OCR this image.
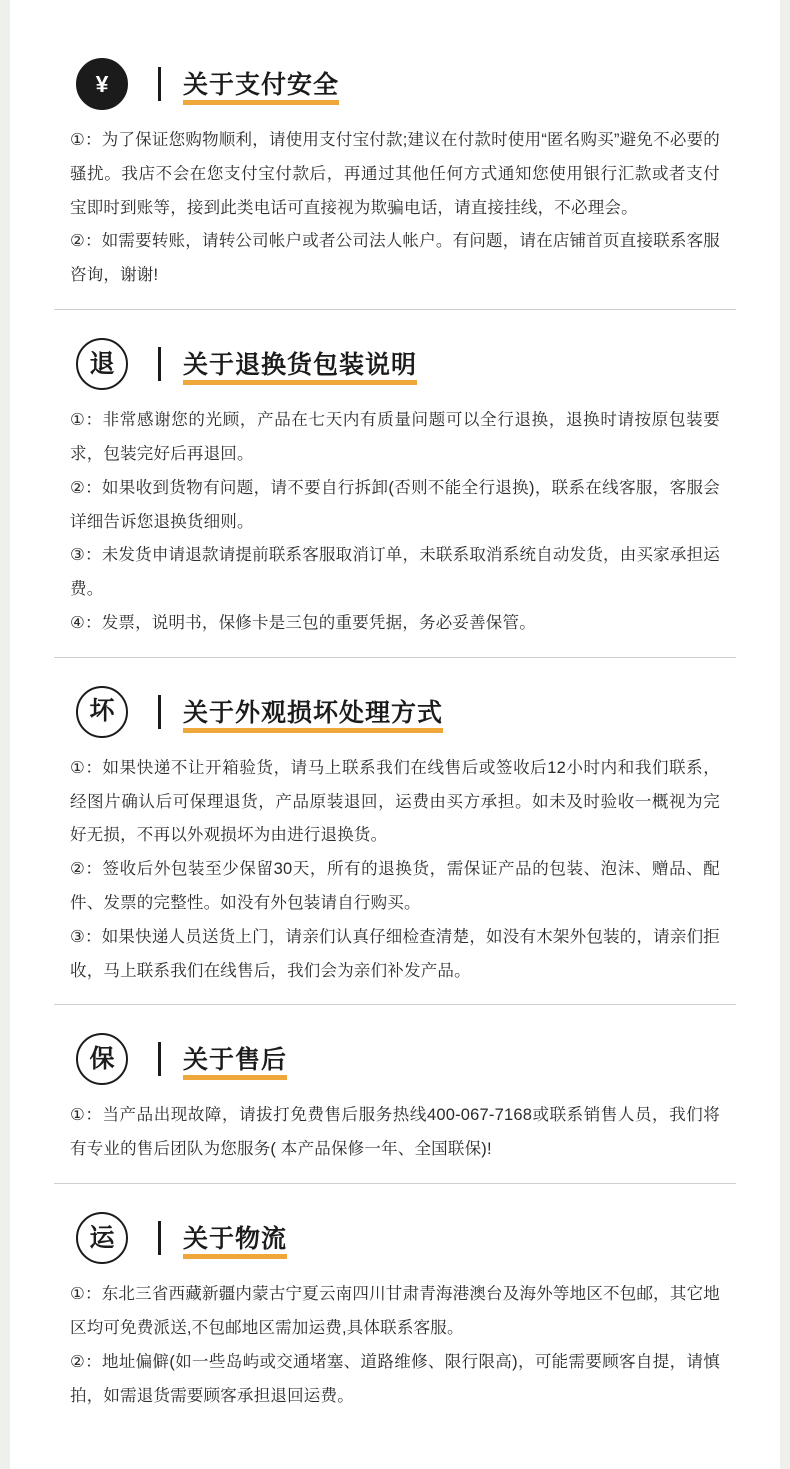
¥	关于支付安全
①：为了保证您购物顺利，请使用支付宝付款;建议在付款时使用“匿名购买”避免不必要的骚扰。我店不会在您支付宝付款后，再通过其他任何方式通知您使用银行汇款或者支付宝即时到账等，接到此类电话可直接视为欺骗电话，请直接挂线，不必理会。
②：如需要转账，请转公司帐户或者公司法人帐户。有问题，请在店铺首页直接联系客服咨询，谢谢!
退	关于退换货包装说明
①：非常感谢您的光顾，产品在七天内有质量问题可以全行退换，退换时请按原包装要求，包装完好后再退回。
②：如果收到货物有问题，请不要自行拆卸(否则不能全行退换)，联系在线客服，客服会详细告诉您退换货细则。
③：未发货申请退款请提前联系客服取消订单，未联系取消系统自动发货，由买家承担运费。
④：发票，说明书，保修卡是三包的重要凭据，务必妥善保管。
坏	关于外观损坏处理方式
①：如果快递不让开箱验货，请马上联系我们在线售后或签收后12小时内和我们联系，经图片确认后可保理退货，产品原装退回，运费由买方承担。如未及时验收一概视为完好无损，不再以外观损坏为由进行退换货。
②：签收后外包装至少保留30天，所有的退换货，需保证产品的包装、泡沫、赠品、配件、发票的完整性。如没有外包装请自行购买。
③：如果快递人员送货上门，请亲们认真仔细检查清楚，如没有木架外包装的，请亲们拒收，马上联系我们在线售后，我们会为亲们补发产品。
保	关于售后
①：当产品出现故障，请拔打免费售后服务热线400-067-7168或联系销售人员，我们将有专业的售后团队为您服务( 本产品保修一年、全国联保)!
运	关于物流
①：东北三省西藏新疆内蒙古宁夏云南四川甘肃青海港澳台及海外等地区不包邮，其它地区均可免费派送,不包邮地区需加运费,具体联系客服。
②：地址偏僻(如一些岛屿或交通堵塞、道路维修、限行限高)，可能需要顾客自提，请慎拍，如需退货需要顾客承担退回运费。
